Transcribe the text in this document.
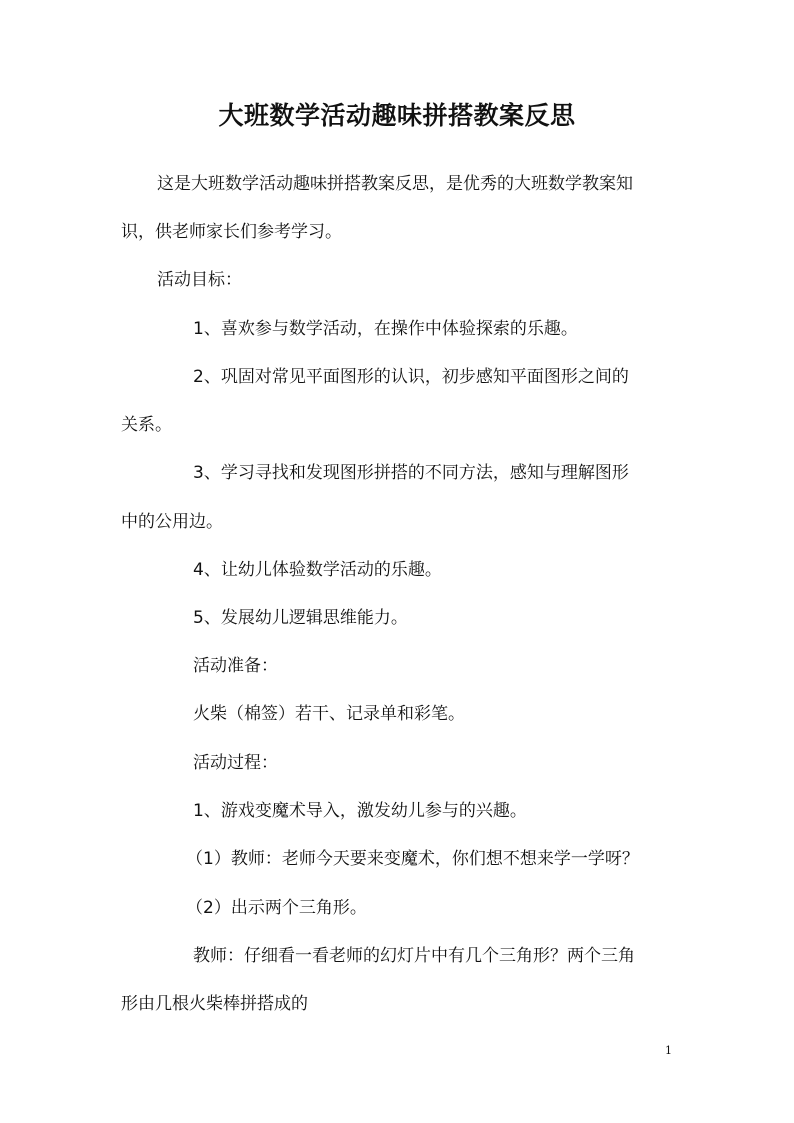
大班数学活动趣味拼搭教案反思
这是大班数学活动趣味拼搭教案反思，是优秀的大班数学教案知
识，供老师家长们参考学习。
活动目标：
1、喜欢参与数学活动，在操作中体验探索的乐趣。
2、巩固对常见平面图形的认识，初步感知平面图形之间的
关系。
3、学习寻找和发现图形拼搭的不同方法，感知与理解图形
中的公用边。
4、让幼儿体验数学活动的乐趣。
5、发展幼儿逻辑思维能力。
活动准备：
火柴（棉签）若干、记录单和彩笔。
活动过程：
1、游戏变魔术导入，激发幼儿参与的兴趣。
（1）教师：老师今天要来变魔术，你们想不想来学一学呀？
（2）出示两个三角形。
教师：仔细看一看老师的幻灯片中有几个三角形？两个三角
形由几根火柴棒拼搭成的
1
